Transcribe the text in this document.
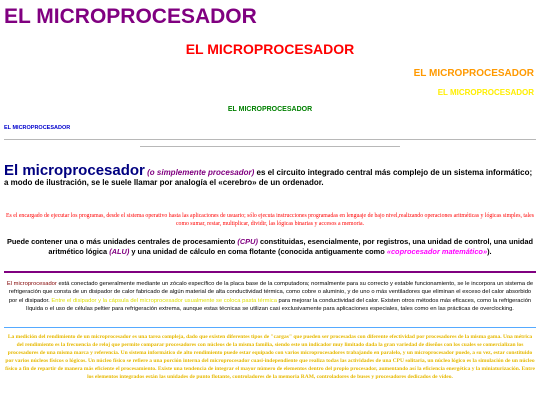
EL MICROPROCESADOR
EL MICROPROCESADOR
EL MICROPROCESADOR
EL MICROPROCESADOR
EL MICROPROCESADOR
EL MICROPROCESADOR

El microprocesador (o simplemente procesador) es el circuito integrado central más complejo de un sistema informático; a modo de ilustración, se le suele llamar por analogía el «cerebro» de un ordenador.

Es el encargado de ejecutar los programas, desde el sistema operativo hasta las aplicaciones de usuario; sólo ejecuta instrucciones programadas en lenguaje de bajo nivel,realizando operaciones aritméticas y lógicas simples, tales como sumar, restar, multiplicar, dividir, las lógicas binarias y accesos a memoria.

Puede contener una o más unidades centrales de procesamiento (CPU) constituidas, esencialmente, por registros, una unidad de control, una unidad aritmético lógica (ALU) y una unidad de cálculo en coma flotante (conocida antiguamente como «coprocesador matemático»).

El microprocesador está conectado generalmente mediante un zócalo específico de la placa base de la computadora; normalmente para su correcto y estable funcionamiento, se le incorpora un sistema de refrigeración que consta de un disipador de calor fabricado de algún material de alta conductividad térmica, como cobre o aluminio, y de uno o más ventiladores que eliminan el exceso del calor absorbido por el disipador. Entre el disipador y la cápsula del microprocesador usualmente se coloca pasta térmica para mejorar la conductividad del calor. Existen otros métodos más eficaces, como la refrigeración líquida o el uso de células peltier para refrigeración extrema, aunque estas técnicas se utilizan casi exclusivamente para aplicaciones especiales, tales como en las prácticas de overclocking.

La medición del rendimiento de un microprocesador es una tarea compleja, dado que existen diferentes tipos de "cargas" que pueden ser procesadas con diferente efectividad por procesadores de la misma gama. Una métrica del rendimiento es la frecuencia de reloj que permite comparar procesadores con núcleos de la misma familia, siendo este un indicador muy limitado dada la gran variedad de diseños con los cuales se comercializan los procesadores de una misma marca y referencia. Un sistema informático de alto rendimiento puede estar equipado con varios microprocesadores trabajando en paralelo, y un microprocesador puede, a su vez, estar constituido por varios núcleos físicos o lógicos. Un núcleo físico se refiere a una porción interna del microprocesador cuasi-independiente que realiza todas las actividades de una CPU solitaria, un núcleo lógico es la simulación de un núcleo físico a fin de repartir de manera más eficiente el procesamiento. Existe una tendencia de integrar el mayor número de elementos dentro del propio procesador, aumentando así la eficiencia energética y la miniaturización. Entre los elementos integrados están las unidades de punto flotante, controladores de la memoria RAM, controladores de buses y procesadores dedicados de vídeo.
